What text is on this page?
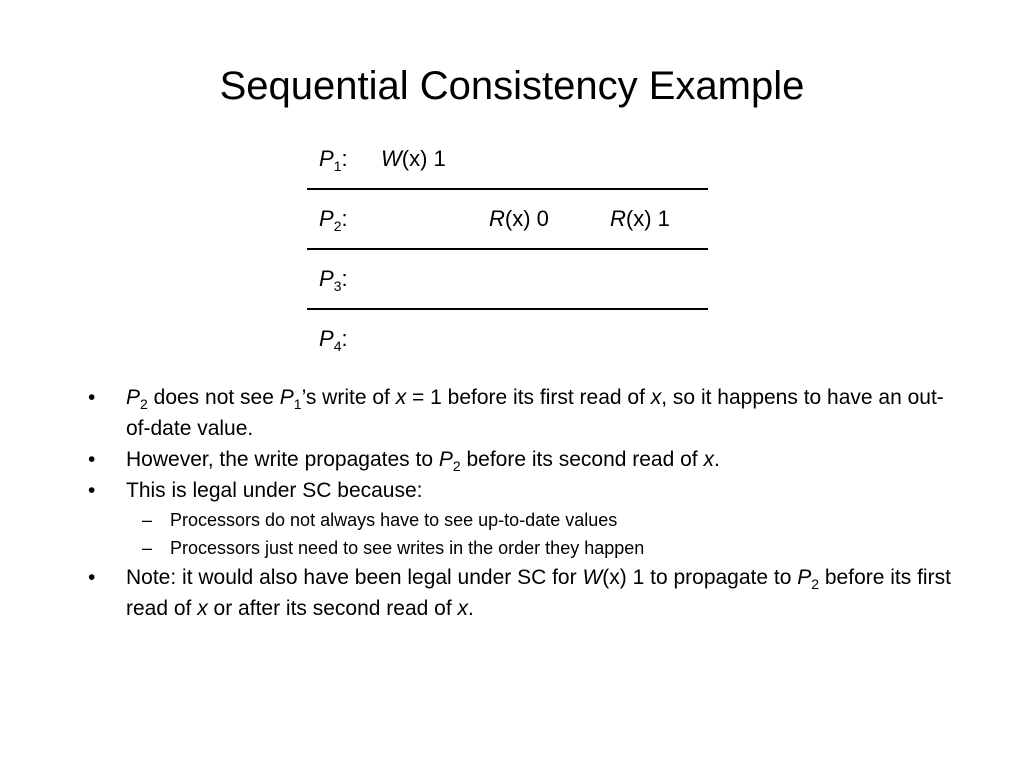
Sequential Consistency Example
$P_1$: W(x) 1
$P_2$:	R(x) 0	R(x) 1
$P_3$:
$P_4$:
• $P_2$ does not see $P_1’s$ write of x = 1 before its first read of x, so it happens to have an out-of-date value.
• However, the write propagates to $P_2$ before its second read of x.
• This is legal under SC because:
– Processors do not always have to see up-to-date values
– Processors just need to see writes in the order they happen
• Note: it would also have been legal under SC for W(x) 1 to propagate to $P_2$ before its first read of x or after its second read of x.
